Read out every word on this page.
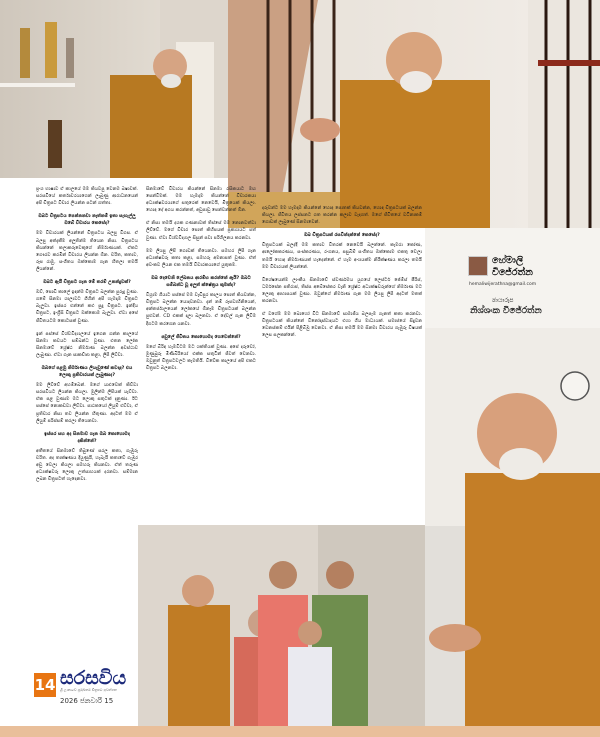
ප්‍රංශ භාෂාව ඒ කාලයේ මම කියවපු වෙනම බෂාවක්. සරසවියේ කර්තෘවරයාගෙන් ලැබුණු ආරාධනයෙන් අපි චිත්‍රපට විචාර ලියන්න පටන් ගත්තා.
ඔබට චිත්‍රපටය පෙන්නනවා නැත්නම් ඉතා සැහැල්ලු ඔබේ විචාරය කෙසේද?
මම විචාරයක් ලියන්නේ චිත්‍රපටය බලපු විගස. ඒ බලපු අත්දැකීම අලුතින්ම තියෙන නිසා. චිත්‍රපටය කියන්නේ කලාකරුවෙකුගේ නිර්මාණයක්. ඒකට ගෞරව කරමින් විචාරය ලියන්න ඕන. චරිත, කතාව, රූප රාමු, සංගීතය ඔක්කොම ගැන හිතලා තමයි ලියන්නේ.
ඔබට ඇයි චිත්‍රපට ගැන මේ තරම් උනන්දුවක්?
ඔව්, පොඩි කාලේ ඉඳන්ම චිත්‍රපට බලන්න පුරුදු වුණා. ගමේ සිනමා ශාලාවට ගිහින් අපි හැමදාම චිත්‍රපට බැලුවා. ඉස්සර එන්නේ කළු සුදු චිත්‍රපට. ඉන්දීය චිත්‍රපට, ඉංග්‍රීසි චිත්‍රපට ඔක්කොම බැලුවා. ඒවා අපේ ජීවිතයටම කොටසක් වුණා.
ඉන් පස්සේ විශ්වවිද්‍යාලයේ ඉගෙන ගන්න කාලයේ සිනමා කවයට සම්බන්ධ වුණා. එතන ලෝක සිනමාවේ ශ්‍රේෂ්ඨ නිර්මාණ බලන්න අවස්ථාව ලැබුණා. ඒවා ගැන සාකච්ඡා කළා, ලිපි ලිව්වා.
ඔබගේ පළමු නිර්මාණය ලියැවුණේ කවදාද? එය ලොකු ප්‍රතිචාරයක් ලැබුණාද?
මම ලිව්වේ අහම්බෙන්. මගේ යාළුවෙක් කිව්වා සරසවියට ලියන්න කියලා. මුලින්ම ලිපියක් යැව්වා. ඒක පළ වුණාම මට ලොකු සතුටක් දැනුණා. ඊට පස්සේ නොකඩවා ලිව්වා. පාඨකයෝ ලියුම් එව්වා, ඒ ප්‍රතිචාර නිසා තව ලියන්න හිතුණා. අදටත් මම ඒ ලියුම් පරිස්සම් කරලා තියෙනවා.
ඉස්සර සහ අද සිනමාව ගැන ඔබ කොහොමද දකින්නේ?
අතීතයේ සිනමාවේ තිබුණේ සරල කතා, ගැඹුරු චරිත. අද තාක්ෂණය දියුණුයි, හැබැයි කතාවේ ගැඹුර අඩු වෙලා කියලා සමහරු කියනවා. ඒත් තරුණ අධ්‍යක්ෂවරු ලොකු උත්සාහයක් දරනවා. සම්මාන ලබන චිත්‍රපටත් හැදෙනවා.
සිනමාවේ විචාරය කියන්නේ සිනමා රසිකයාට මඟ පෙන්වීමක්. මම හැමදාම කියන්නේ විචාරකයා අධ්‍යක්ෂවරයාගේ සතුරෙක් නෙවෙයි, මිත්‍රයෙක් කියලා. හොඳ දේ අගය කරන්නත්, අඩුපාඩු පෙන්වන්නත් ඕන.
ඒ නිසා තමයි දශක ගණනාවක් තිස්සේ මම නොනවත්වා ලිව්වේ. මගේ විචාර පොත් කිහිපයක් ප්‍රකාශයට පත් වුණා. ඒවා විශ්වවිද්‍යාල සිසුන් පවා පරිශීලනය කරනවා.
මම ලියපු ලිපි ගොඩක් තියෙනවා. සමහර ලිපි ගැන අධ්‍යක්ෂවරු කතා කළා, සමහරු අමනාපත් වුණා. ඒත් අවංකව ලියන එක තමයි විචාරකයාගේ යුතුකම.
ඔබ දෙවෙනි ලේඛනය ආරම්භ කරන්නේ ඇයි? ඔබට සම්බන්ධ වූ අලුත් ක්ෂේත්‍රය කුමක්ද?
විශ්‍රාම ගියාට පස්සේ මම වැඩිපුර කාලය පොත් කියවන්න, චිත්‍රපට බලන්න යොදවනවා. දැන් නම් රූපවාහිනියෙන්, අන්තර්ජාලයෙන් ලෝකයේ ඕනෑම චිත්‍රපටයක් බලන්න පුළුවන්. CD එකක් දාලා බලනවා. ඒ දේවල් ගැන ලිවීම දිගටම කරගෙන යනවා.
පවුලේ ජීවිතය කොහොමද ගෙවෙන්නේ?
මගේ බිරිඳ හැමවිටම මට ශක්තියක් වුණා. අපේ දරුවෝ, මුණුබුරු මිණිබිරියෝ එක්ක සතුටින් ජීවත් වෙනවා. ඔවුනුත් චිත්‍රපටවලට කැමතියි. විවේක කාලයේ අපි එකට චිත්‍රපට බලනවා.
දරුවන්ට මම හැමදාම කියන්නේ හොඳ පොතක් කියවන්න, හොඳ චිත්‍රපටයක් බලන්න කියලා. ජීවිතය ලස්සනට ගත කරන්න කලාව වැදගත්. මගේ ජීවිතයේ වටිනාකම් ගොඩක් ලැබුණේ සිනමාවෙන්.
ඔබ චිත්‍රපටයක් රසවින්දන්නේ කෙසේද?
චිත්‍රපටයක් බලද්දී මම කතාව විතරක් නෙවෙයි බලන්නේ. කැමරා කෝණ, ආලෝකකරණය, සංස්කරණය, රංගනය, පසුබිම් සංගීතය ඔක්කොම එකතු වෙලා තමයි හොඳ නිර්මාණයක් හැදෙන්නේ. ඒ හැම අංශයක්ම නිරීක්ෂණය කරලා තමයි මම විචාරයක් ලියන්නේ.
විශේෂයෙන්ම ලාංකීය සිනමාවේ ස්වර්ණමය යුගයේ ලෙස්ටර් ජේම්ස් පීරිස්, ධර්මසේන පතිරාජ, තිස්ස අබේසේකර වැනි ශ්‍රේෂ්ඨ අධ්‍යක්ෂවරුන්ගේ නිර්මාණ මට ලොකු ආභාසයක් වුණා. ඔවුන්ගේ නිර්මාණ ගැන මම ලියපු ලිපි අදටත් මතක් කරනවා.
ඒ වගේම මම බොහෝ විට සිනමාවේ සාමාජීය බලපෑම ගැනත් කතා කරනවා. චිත්‍රපටයක් කියන්නේ විනෝදාස්වාදයට එහා ගිය මාධ්‍යයක්. සමාජයේ සිදුවන වෙනස්කම් එයින් පිළිබිඹු වෙනවා. ඒ නිසා තමයි මම සිනමා විචාරය ගැඹුරු විෂයක් ලෙස සලකන්නේ.
හේමාලි විජේරත්න
hemaliwijerathna@gmail.com
ඡායාරූප
නිශ්ශංක විජේරත්න
14 සරසවිය
ශ්‍රී ලංකාවේ ප්‍රමුඛතම චිත්‍රපට පුවත්පත
2026 ජනවාරි 15
